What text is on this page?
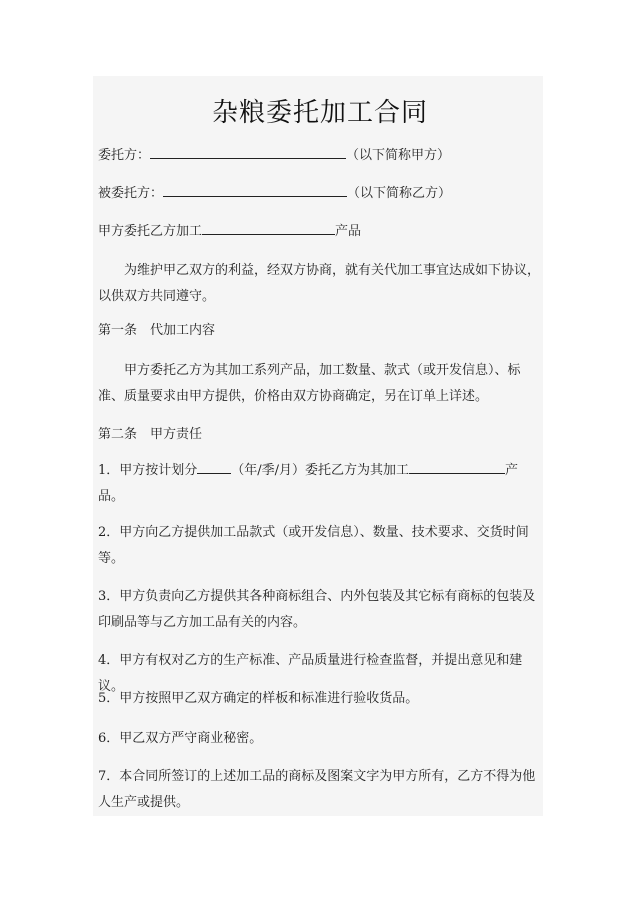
杂粮委托加工合同
委托方：	（以下简称甲方）
被委托方：	（以下简称乙方）
甲方委托乙方加工	产品
为维护甲乙双方的利益，经双方协商，就有关代加工事宜达成如下协议，以供双方共同遵守。
第一条　代加工内容
甲方委托乙方为其加工系列产品，加工数量、款式（或开发信息）、标准、质量要求由甲方提供，价格由双方协商确定，另在订单上详述。
第二条　甲方责任
1．甲方按计划分	（年/季/月）委托乙方为其加工	产
品。
2．甲方向乙方提供加工品款式（或开发信息）、数量、技术要求、交货时间等。
3．甲方负责向乙方提供其各种商标组合、内外包装及其它标有商标的包装及印刷品等与乙方加工品有关的内容。
4．甲方有权对乙方的生产标准、产品质量进行检查监督，并提出意见和建议。
5．甲方按照甲乙双方确定的样板和标准进行验收货品。
6．甲乙双方严守商业秘密。
7．本合同所签订的上述加工品的商标及图案文字为甲方所有，乙方不得为他人生产或提供。
